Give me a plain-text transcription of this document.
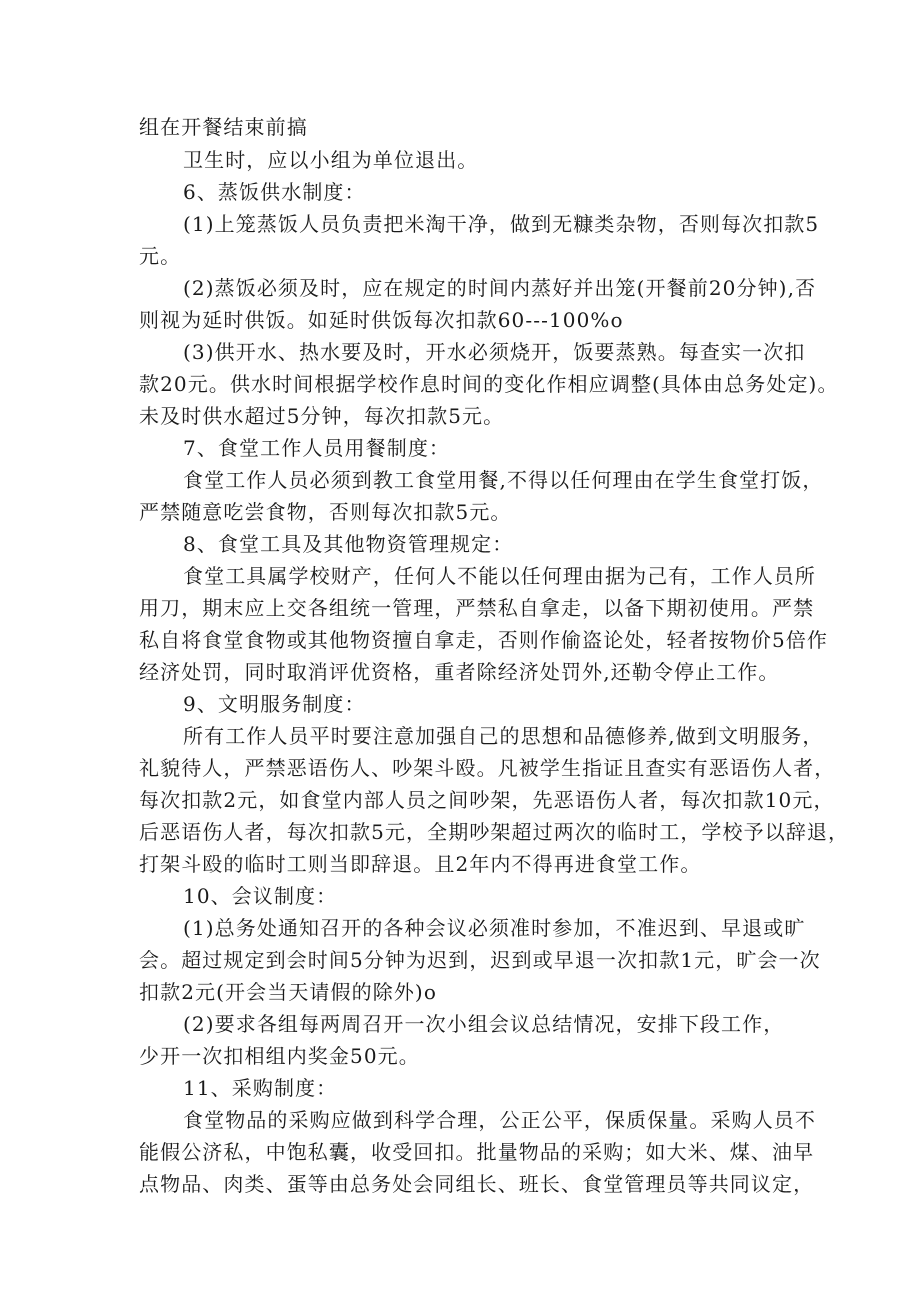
组在开餐结束前搞
卫生时，应以小组为单位退出。
6、蒸饭供水制度：
(1)上笼蒸饭人员负责把米淘干净，做到无糠类杂物，否则每次扣款5
元。
(2)蒸饭必须及时，应在规定的时间内蒸好并出笼(开餐前20分钟),否
则视为延时供饭。如延时供饭每次扣款60---100%o
(3)供开水、热水要及时，开水必须烧开，饭要蒸熟。每查实一次扣
款20元。供水时间根据学校作息时间的变化作相应调整(具体由总务处定)。
未及时供水超过5分钟，每次扣款5元。
7、食堂工作人员用餐制度：
食堂工作人员必须到教工食堂用餐,不得以任何理由在学生食堂打饭，
严禁随意吃尝食物，否则每次扣款5元。
8、食堂工具及其他物资管理规定：
食堂工具属学校财产，任何人不能以任何理由据为己有，工作人员所
用刀，期末应上交各组统一管理，严禁私自拿走，以备下期初使用。严禁
私自将食堂食物或其他物资擅自拿走，否则作偷盗论处，轻者按物价5倍作
经济处罚，同时取消评优资格，重者除经济处罚外,还勒令停止工作。
9、文明服务制度：
所有工作人员平时要注意加强自己的思想和品德修养,做到文明服务，
礼貌待人，严禁恶语伤人、吵架斗殴。凡被学生指证且查实有恶语伤人者，
每次扣款2元，如食堂内部人员之间吵架，先恶语伤人者，每次扣款10元，
后恶语伤人者，每次扣款5元，全期吵架超过两次的临时工，学校予以辞退，
打架斗殴的临时工则当即辞退。且2年内不得再进食堂工作。
10、会议制度：
(1)总务处通知召开的各种会议必须准时参加，不准迟到、早退或旷
会。超过规定到会时间5分钟为迟到，迟到或早退一次扣款1元，旷会一次
扣款2元(开会当天请假的除外)o
(2)要求各组每两周召开一次小组会议总结情况，安排下段工作，
少开一次扣相组内奖金50元。
11、采购制度：
食堂物品的采购应做到科学合理，公正公平，保质保量。采购人员不
能假公济私，中饱私囊，收受回扣。批量物品的采购；如大米、煤、油早
点物品、肉类、蛋等由总务处会同组长、班长、食堂管理员等共同议定，
